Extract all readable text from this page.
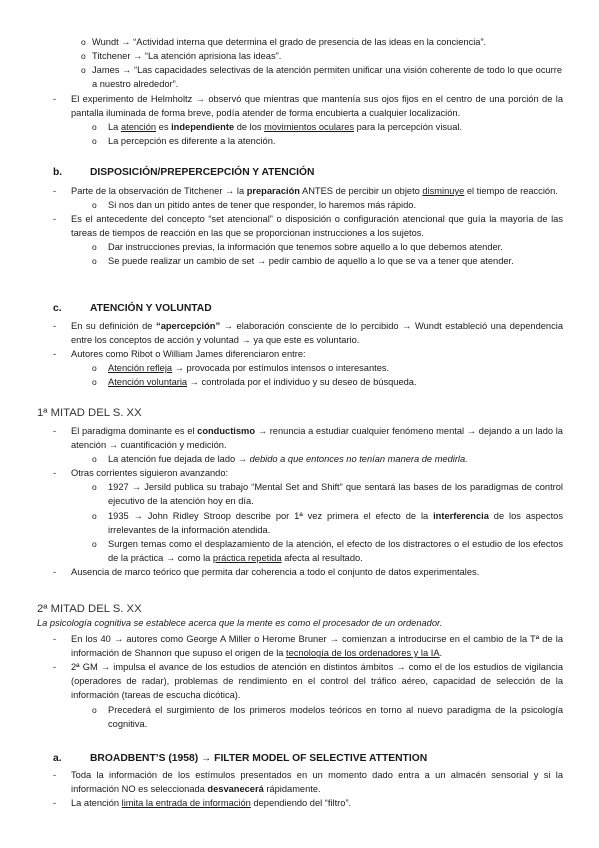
o Wundt → “Actividad interna que determina el grado de presencia de las ideas en la conciencia”.
o Titchener → “La atención aprisiona las ideas”.
o James → “Las capacidades selectivas de la atención permiten unificar una visión coherente de todo lo que ocurre a nuestro alrededor”.
- El experimento de Helmholtz → observó que mientras que mantenía sus ojos fijos en el centro de una porción de la pantalla iluminada de forma breve, podía atender de forma encubierta a cualquier localización.
o La atención es independiente de los movimientos oculares para la percepción visual.
o La percepción es diferente a la atención.
b.	DISPOSICIÓN/PREPERCEPCIÓN Y ATENCIÓN
- Parte de la observación de Titchener → la preparación ANTES de percibir un objeto disminuye el tiempo de reacción.
o Si nos dan un pitido antes de tener que responder, lo haremos más rápido.
- Es el antecedente del concepto “set atencional” o disposición o configuración atencional que guía la mayoría de las tareas de tiempos de reacción en las que se proporcionan instrucciones a los sujetos.
o Dar instrucciones previas, la información que tenemos sobre aquello a lo que debemos atender.
o Se puede realizar un cambio de set → pedir cambio de aquello a lo que se va a tener que atender.
c.	ATENCIÓN Y VOLUNTAD
- En su definición de “apercepción” → elaboración consciente de lo percibido → Wundt estableció una dependencia entre los conceptos de acción y voluntad → ya que este es voluntario.
- Autores como Ribot o William James diferenciaron entre:
o Atención refleja → provocada por estímulos intensos o interesantes.
o Atención voluntaria → controlada por el individuo y su deseo de búsqueda.
1ª MITAD DEL S. XX
- El paradigma dominante es el conductismo → renuncia a estudiar cualquier fenómeno mental → dejando a un lado la atención → cuantificación y medición.
o La atención fue dejada de lado → debido a que entonces no tenían manera de medirla.
- Otras corrientes siguieron avanzando:
o 1927 → Jersild publica su trabajo “Mental Set and Shift” que sentará las bases de los paradigmas de control ejecutivo de la atención hoy en día.
o 1935 → John Ridley Stroop describe por 1ª vez primera el efecto de la interferencia de los aspectos irrelevantes de la información atendida.
o Surgen temas como el desplazamiento de la atención, el efecto de los distractores o el estudio de los efectos de la práctica → como la práctica repetida afecta al resultado.
- Ausencia de marco teórico que permita dar coherencia a todo el conjunto de datos experimentales.
2ª MITAD DEL S. XX
La psicología cognitiva se establece acerca que la mente es como el procesador de un ordenador.
- En los 40 → autores como George A Miller o Herome Bruner → comienzan a introducirse en el cambio de la Tª de la información de Shannon que supuso el origen de la tecnología de los ordenadores y la IA.
- 2ª GM → impulsa el avance de los estudios de atención en distintos ámbitos → como el de los estudios de vigilancia (operadores de radar), problemas de rendimiento en el control del tráfico aéreo, capacidad de selección de la información (tareas de escucha dicótica).
o Precederá el surgimiento de los primeros modelos teóricos en torno al nuevo paradigma de la psicología cognitiva.
a.	BROADBENT’S (1958) → FILTER MODEL OF SELECTIVE ATTENTION
- Toda la información de los estímulos presentados en un momento dado entra a un almacén sensorial y si la información NO es seleccionada desvanecerá rápidamente.
- La atención limita la entrada de información dependiendo del “filtro”.
